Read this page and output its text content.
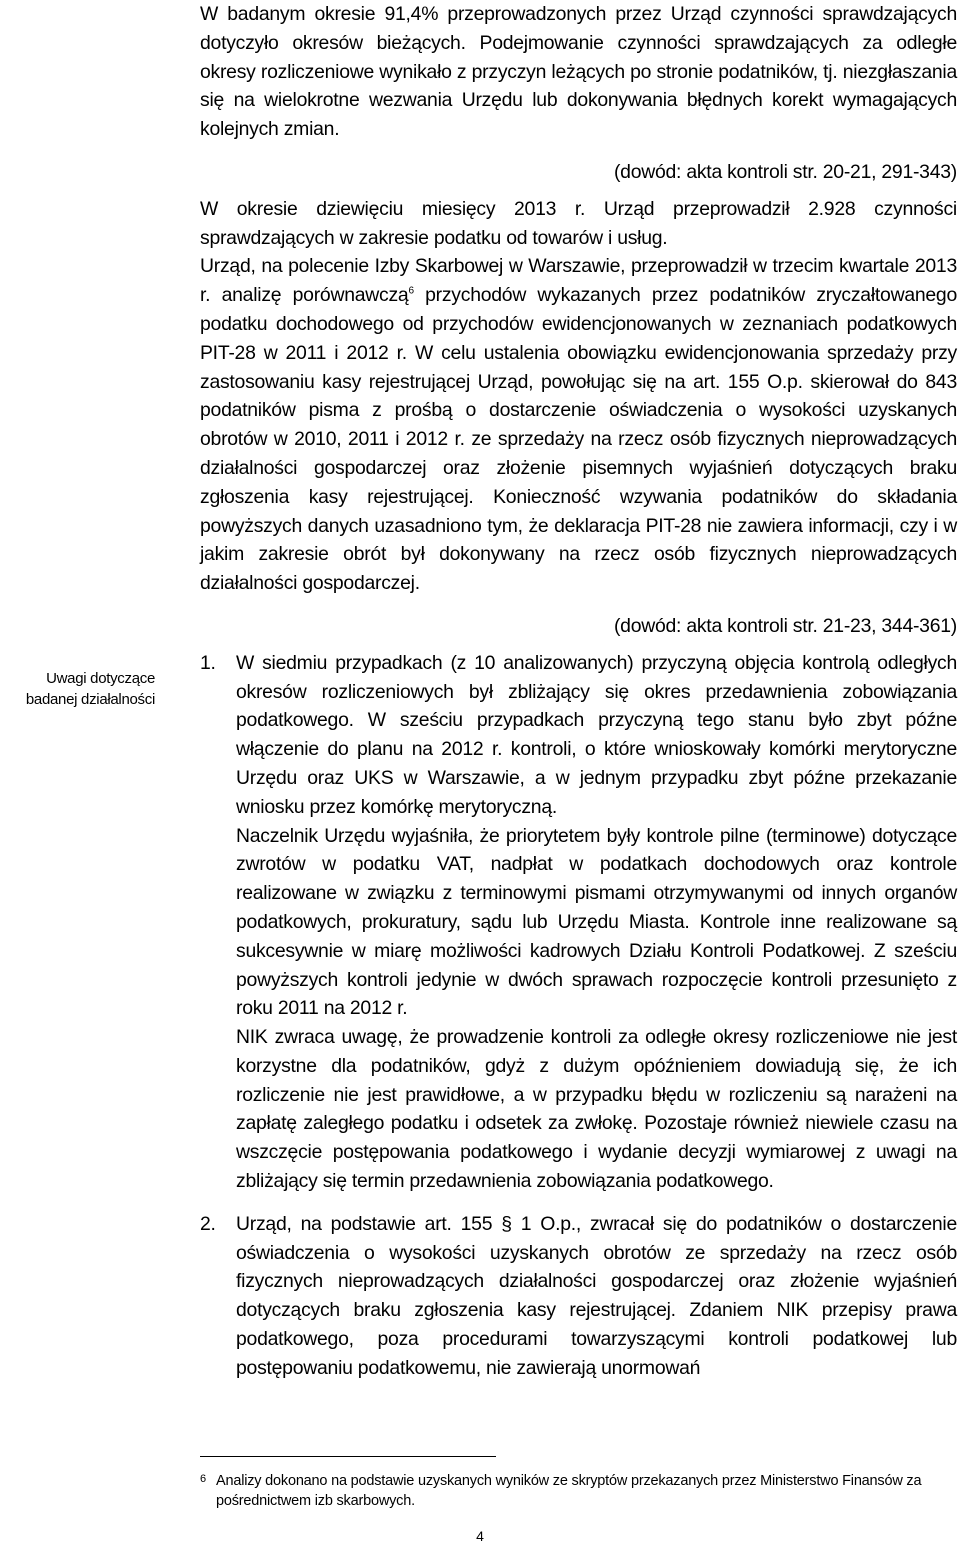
Uwagi dotyczące badanej działalności

W badanym okresie 91,4% przeprowadzonych przez Urząd czynności sprawdzających dotyczyło okresów bieżących. Podejmowanie czynności sprawdzających za odległe okresy rozliczeniowe wynikało z przyczyn leżących po stronie podatników, tj. niezgłaszania się na wielokrotne wezwania Urzędu lub dokonywania błędnych korekt wymagających kolejnych zmian.

(dowód: akta kontroli str. 20-21, 291-343)

W okresie dziewięciu miesięcy 2013 r. Urząd przeprowadził 2.928 czynności sprawdzających w zakresie podatku od towarów i usług.

Urząd, na polecenie Izby Skarbowej w Warszawie, przeprowadził w trzecim kwartale 2013 r. analizę porównawczą$^6$ przychodów wykazanych przez podatników zryczałtowanego podatku dochodowego od przychodów ewidencjonowanych w zeznaniach podatkowych PIT-28 w 2011 i 2012 r. W celu ustalenia obowiązku ewidencjonowania sprzedaży przy zastosowaniu kasy rejestrującej Urząd, powołując się na art. 155 O.p. skierował do 843 podatników pisma z prośbą o dostarczenie oświadczenia o wysokości uzyskanych obrotów w 2010, 2011 i 2012 r. ze sprzedaży na rzecz osób fizycznych nieprowadzących działalności gospodarczej oraz złożenie pisemnych wyjaśnień dotyczących braku zgłoszenia kasy rejestrującej. Konieczność wzywania podatników do składania powyższych danych uzasadniono tym, że deklaracja PIT-28 nie zawiera informacji, czy i w jakim zakresie obrót był dokonywany na rzecz osób fizycznych nieprowadzących działalności gospodarczej.

(dowód: akta kontroli str. 21-23, 344-361)

1.	W siedmiu przypadkach (z 10 analizowanych) przyczyną objęcia kontrolą odległych okresów rozliczeniowych był zbliżający się okres przedawnienia zobowiązania podatkowego. W sześciu przypadkach przyczyną tego stanu było zbyt późne włączenie do planu na 2012 r. kontroli, o które wnioskowały komórki merytoryczne Urzędu oraz UKS w Warszawie, a w jednym przypadku zbyt późne przekazanie wniosku przez komórkę merytoryczną.

Naczelnik Urzędu wyjaśniła, że priorytetem były kontrole pilne (terminowe) dotyczące zwrotów w podatku VAT, nadpłat w podatkach dochodowych oraz kontrole realizowane w związku z terminowymi pismami otrzymywanymi od innych organów podatkowych, prokuratury, sądu lub Urzędu Miasta. Kontrole inne realizowane są sukcesywnie w miarę możliwości kadrowych Działu Kontroli Podatkowej. Z sześciu powyższych kontroli jedynie w dwóch sprawach rozpoczęcie kontroli przesunięto z roku 2011 na 2012 r.

NIK zwraca uwagę, że prowadzenie kontroli za odległe okresy rozliczeniowe nie jest korzystne dla podatników, gdyż z dużym opóźnieniem dowiadują się, że ich rozliczenie nie jest prawidłowe, a w przypadku błędu w rozliczeniu są narażeni na zapłatę zaległego podatku i odsetek za zwłokę. Pozostaje również niewiele czasu na wszczęcie postępowania podatkowego i wydanie decyzji wymiarowej z uwagi na zbliżający się termin przedawnienia zobowiązania podatkowego.

2.	Urząd, na podstawie art. 155 § 1 O.p., zwracał się do podatników o dostarczenie oświadczenia o wysokości uzyskanych obrotów ze sprzedaży na rzecz osób fizycznych nieprowadzących działalności gospodarczej oraz złożenie wyjaśnień dotyczących braku zgłoszenia kasy rejestrującej. Zdaniem NIK przepisy prawa podatkowego, poza procedurami towarzyszącymi kontroli podatkowej lub postępowaniu podatkowemu, nie zawierają unormowań

6 Analizy dokonano na podstawie uzyskanych wyników ze skryptów przekazanych przez Ministerstwo Finansów za pośrednictwem izb skarbowych.
4
